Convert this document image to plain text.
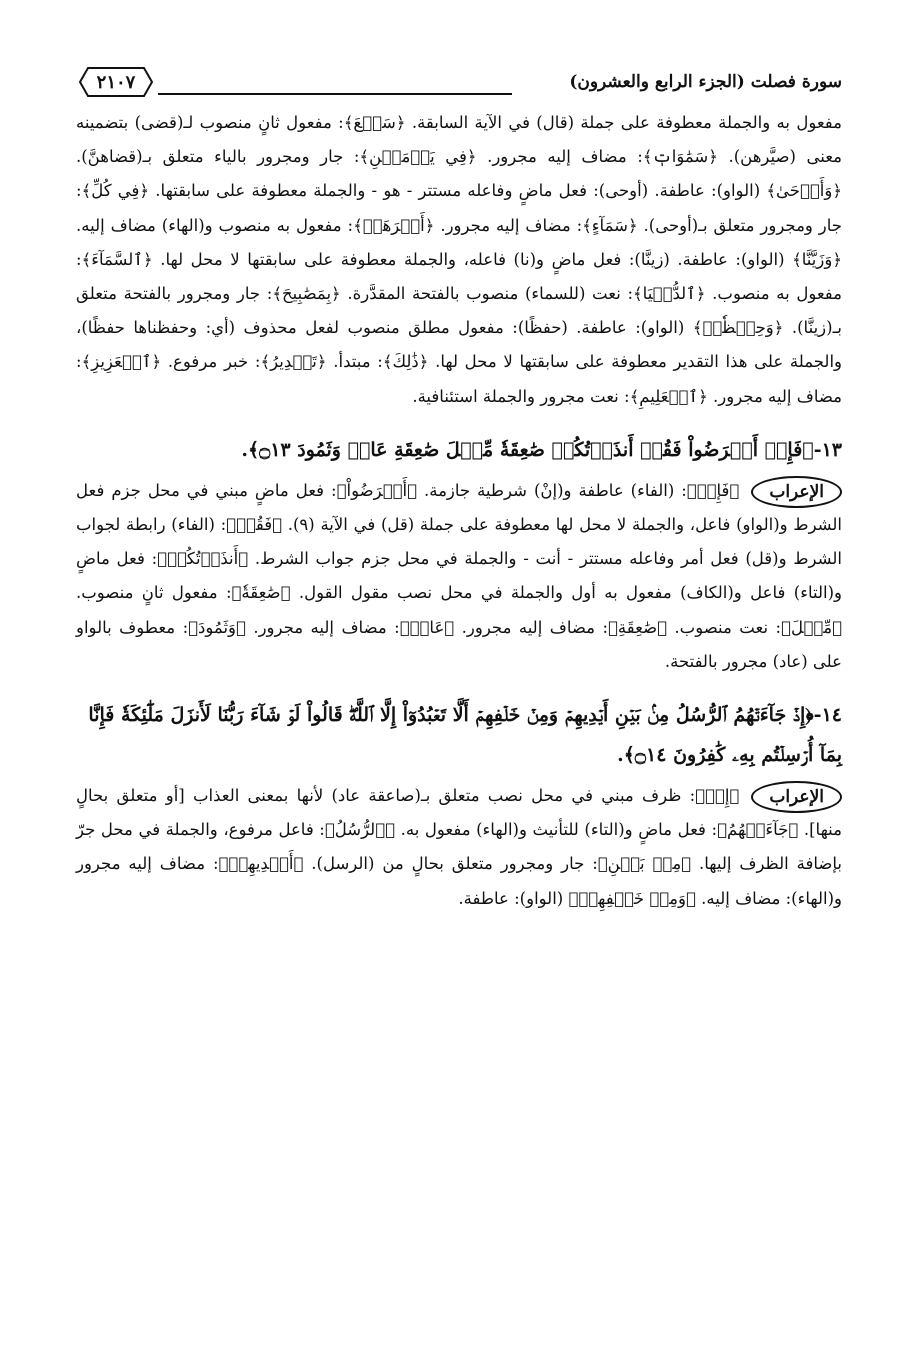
سورة فصلت (الجزء الرابع والعشرون)
٢١٠٧

مفعول به والجملة معطوفة على جملة (قال) في الآية السابقة. ﴿سَبۡعَ﴾: مفعول ثانٍ منصوب لـ(قضى) بتضمينه معنى (صيَّرهن). ﴿سَمَٰوَاتٖ﴾: مضاف إليه مجرور. ﴿فِي يَوۡمَيۡنِ﴾: جار ومجرور بالياء متعلق بـ(قضاهنَّ). ﴿وَأَوۡحَىٰ﴾ (الواو): عاطفة. (أوحى): فعل ماضٍ وفاعله مستتر - هو - والجملة معطوفة على سابقتها. ﴿فِي كُلِّ﴾: جار ومجرور متعلق بـ(أوحى). ﴿سَمَآءٍ﴾: مضاف إليه مجرور. ﴿أَمۡرَهَاۚ﴾: مفعول به منصوب و(الهاء) مضاف إليه. ﴿وَزَيَّنَّا﴾ (الواو): عاطفة. (زينَّا): فعل ماضٍ و(نا) فاعله، والجملة معطوفة على سابقتها لا محل لها. ﴿ٱلسَّمَآءَ﴾: مفعول به منصوب. ﴿ٱلدُّنۡيَا﴾: نعت (للسماء) منصوب بالفتحة المقدَّرة. ﴿بِمَصَٰبِيحَ﴾: جار ومجرور بالفتحة متعلق بـ(زينَّا). ﴿وَحِفۡظٗاۚ﴾ (الواو): عاطفة. (حفظًا): مفعول مطلق منصوب لفعل محذوف (أي: وحفظناها حفظًا)، والجملة على هذا التقدير معطوفة على سابقتها لا محل لها. ﴿ذَٰلِكَ﴾: مبتدأ. ﴿تَقۡدِيرُ﴾: خبر مرفوع. ﴿ٱلۡعَزِيزِ﴾: مضاف إليه مجرور. ﴿ٱلۡعَلِيمِ﴾: نعت مجرور والجملة استئنافية.

١٣-﴿فَإِنۡ أَعۡرَضُواْ فَقُلۡ أَنذَرۡتُكُمۡ صَٰعِقَةٗ مِّثۡلَ صَٰعِقَةِ عَادٖ وَثَمُودَ ۝١٣﴾.

الإعراب

﴿فَإِنۡ﴾: (الفاء) عاطفة و(إنْ) شرطية جازمة. ﴿أَعۡرَضُواْ﴾: فعل ماضٍ مبني في محل جزم فعل الشرط و(الواو) فاعل، والجملة لا محل لها معطوفة على جملة (قل) في الآية (٩). ﴿فَقُلۡ﴾: (الفاء) رابطة لجواب الشرط و(قل) فعل أمر وفاعله مستتر - أنت - والجملة في محل جزم جواب الشرط. ﴿أَنذَرۡتُكُمۡ﴾: فعل ماضٍ و(التاء) فاعل و(الكاف) مفعول به أول والجملة في محل نصب مقول القول. ﴿صَٰعِقَةٗ﴾: مفعول ثانٍ منصوب. ﴿مِّثۡلَ﴾: نعت منصوب. ﴿صَٰعِقَةِ﴾: مضاف إليه مجرور. ﴿عَادٖ﴾: مضاف إليه مجرور. ﴿وَثَمُودَ﴾: معطوف بالواو على (عاد) مجرور بالفتحة.

١٤-﴿إِذۡ جَآءَتۡهُمُ ٱلرُّسُلُ مِنۢ بَيۡنِ أَيۡدِيهِمۡ وَمِنۡ خَلۡفِهِمۡ أَلَّا تَعۡبُدُوٓاْ إِلَّا ٱللَّهَۖ قَالُواْ لَوۡ شَآءَ رَبُّنَا لَأَنزَلَ مَلَٰٓئِكَةٗ فَإِنَّا بِمَآ أُرۡسِلۡتُم بِهِۦ كَٰفِرُونَ ۝١٤﴾.

الإعراب

﴿إِذۡ﴾: ظرف مبني في محل نصب متعلق بـ(صاعقة عاد) لأنها بمعنى العذاب [أو متعلق بحالٍ منها]. ﴿جَآءَتۡهُمُ﴾: فعل ماضٍ و(التاء) للتأنيث و(الهاء) مفعول به. ﴿ٱلرُّسُلُ﴾: فاعل مرفوع، والجملة في محل جرّ بإضافة الظرف إليها. ﴿مِنۢ بَيۡنِ﴾: جار ومجرور متعلق بحالٍ من (الرسل). ﴿أَيۡدِيهِمۡ﴾: مضاف إليه مجرور و(الهاء): مضاف إليه. ﴿وَمِنۡ خَلۡفِهِمۡ﴾ (الواو): عاطفة.
